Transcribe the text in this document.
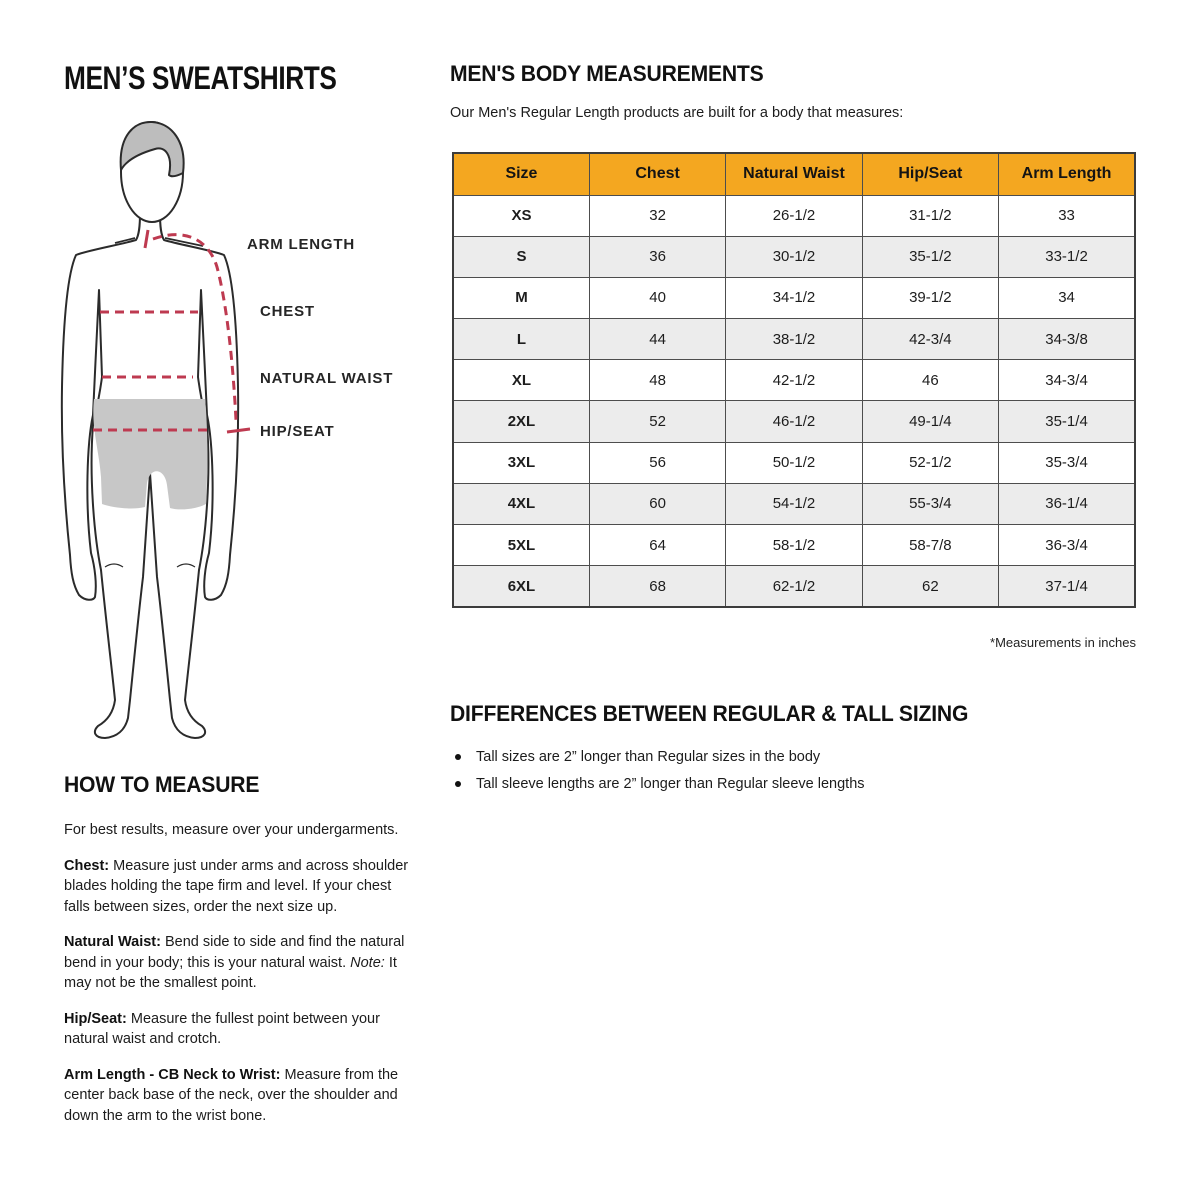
MEN’S SWEATSHIRTS
ARM LENGTH
CHEST
NATURAL WAIST
HIP/SEAT
MEN'S BODY MEASUREMENTS
Our Men's Regular Length products are built for a body that measures:
Size	Chest	Natural Waist	Hip/Seat	Arm Length
XS	32	26-1/2	31-1/2	33
S	36	30-1/2	35-1/2	33-1/2
M	40	34-1/2	39-1/2	34
L	44	38-1/2	42-3/4	34-3/8
XL	48	42-1/2	46	34-3/4
2XL	52	46-1/2	49-1/4	35-1/4
3XL	56	50-1/2	52-1/2	35-3/4
4XL	60	54-1/2	55-3/4	36-1/4
5XL	64	58-1/2	58-7/8	36-3/4
6XL	68	62-1/2	62	37-1/4
*Measurements in inches
DIFFERENCES BETWEEN REGULAR & TALL SIZING
Tall sizes are 2” longer than Regular sizes in the body
Tall sleeve lengths are 2” longer than Regular sleeve lengths
HOW TO MEASURE

For best results, measure over your undergarments.

Chest: Measure just under arms and across shoulder blades holding the tape firm and level. If your chest falls between sizes, order the next size up.

Natural Waist: Bend side to side and find the natural bend in your body; this is your natural waist. Note: It may not be the smallest point.

Hip/Seat: Measure the fullest point between your natural waist and crotch.

Arm Length - CB Neck to Wrist: Measure from the center back base of the neck, over the shoulder and down the arm to the wrist bone.
